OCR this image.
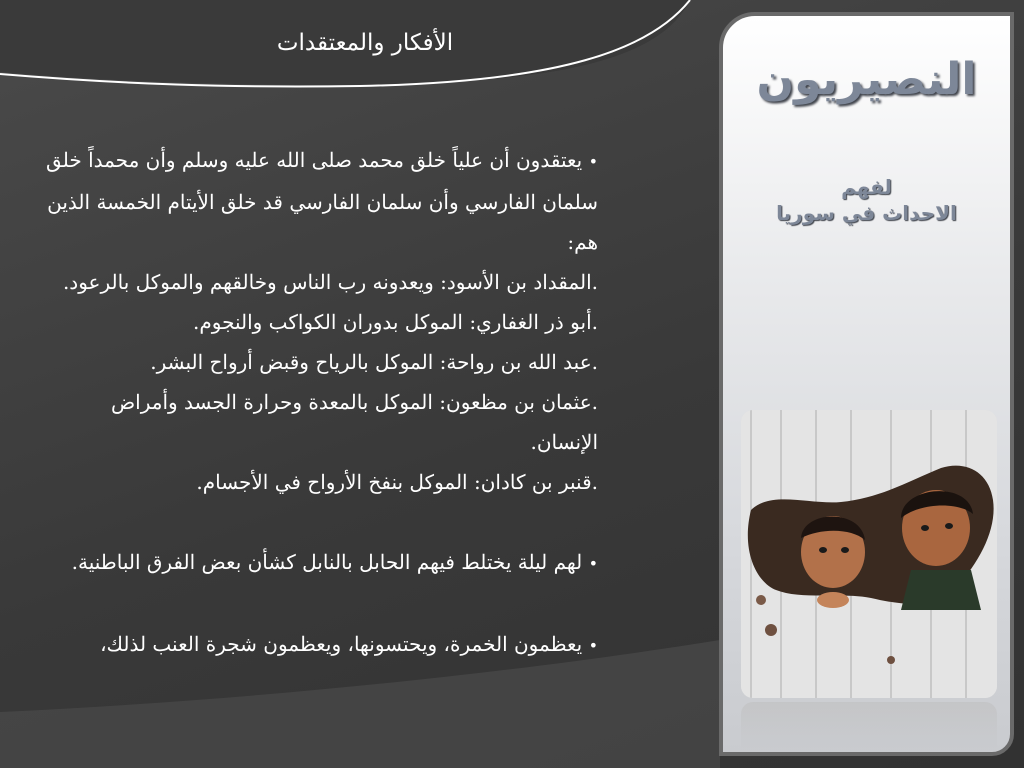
الأفكار والمعتقدات

• يعتقدون أن علياً خلق محمد صلى الله عليه وسلم وأن محمداً خلق سلمان الفارسي وأن سلمان الفارسي قد خلق الأيتام الخمسة الذين هم:

.المقداد بن الأسود: ويعدونه رب الناس وخالقهم والموكل بالرعود.

.أبو ذر الغفاري: الموكل بدوران الكواكب والنجوم.

.عبد الله بن رواحة: الموكل بالرياح وقبض أرواح البشر.

.عثمان بن مظعون: الموكل بالمعدة وحرارة الجسد وأمراض الإنسان.

.قنبر بن كادان: الموكل بنفخ الأرواح في الأجسام.

• لهم ليلة يختلط فيهم الحابل بالنابل كشأن بعض الفرق الباطنية.

• يعظمون الخمرة، ويحتسونها، ويعظمون شجرة العنب لذلك،

النصيريون
لفهم
الاحداث في سوريا
